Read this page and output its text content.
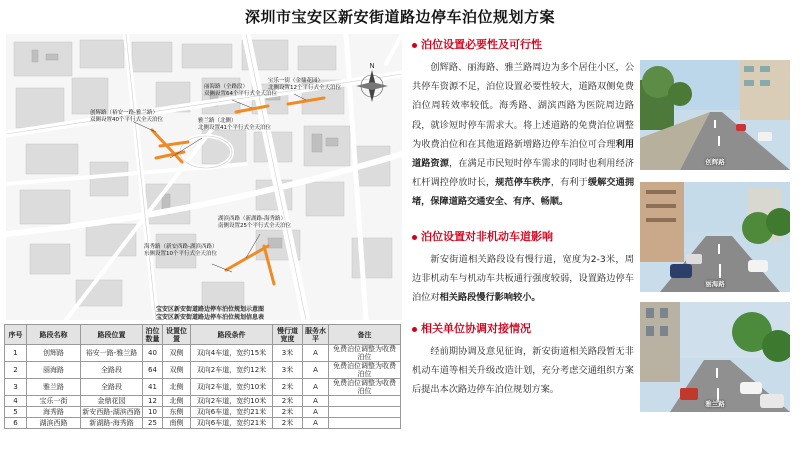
深圳市宝安区新安街道路边停车泊位规划方案
N
丽海路（全路段）
双侧设置64个平行式全天泊位
宝乐一街（金鼎花园）
北侧设置12个平行式全天泊位
创辉路（裕安一路-雅兰路）
双侧设置40个平行式全天泊位	雅兰路（北侧）
北侧设置41个平行式全天泊位
湖滨西路（新湖路-海秀路）
南侧设置25个平行式全天泊位
海秀路（新安西路-湖滨西路）
东侧设置10个平行式全天泊位
宝安区新安街道路边停车泊位规划示意图
宝安区新安街道路边停车泊位规划信息表
序号	路段名称	路段位置	泊位数量	设置位置	路段条件	慢行道宽度	服务水平	备注
1	创辉路	裕安一路-雅兰路	40	双侧	双向4车道，宽约15米	3米	A	免费泊位调整为收费泊位
2	丽海路	全路段	64	双侧	双向2车道，宽约12米	3米	A	免费泊位调整为收费泊位
3	雅兰路	全路段	41	北侧	双向2车道，宽约10米	2米	A	免费泊位调整为收费泊位
4	宝乐一街	金鼎花园	12	北侧	双向2车道，宽约10米	2米	A	
5	海秀路	新安西路-湖滨西路	10	东侧	双向6车道，宽约21米	2米	A	
6	湖滨西路	新湖路-海秀路	25	南侧	双向6车道，宽约21米	2米	A	
泊位设置必要性及可行性

创辉路、丽海路、雅兰路周边为多个居住小区，公共停车资源不足，泊位设置必要性较大，道路双侧免费泊位周转效率较低。海秀路、湖滨西路为医院周边路段，就诊短时停车需求大。将上述道路的免费泊位调整为收费泊位和在其他道路新增路边停车泊位可合理利用道路资源，在满足市民短时停车需求的同时也利用经济杠杆调控停放时长，规范停车秩序，有利于缓解交通拥堵，保障道路交通安全、有序、畅顺。

泊位设置对非机动车道影响

新安街道相关路段设有慢行道，宽度为2-3米，周边非机动车与机动车共板通行强度较弱，设置路边停车泊位对相关路段慢行影响较小。

相关单位协调对接情况

经前期协调及意见征询，新安街道相关路段暂无非机动车道等相关升级改造计划，充分考虑交通组织方案后提出本次路边停车泊位规划方案。

创辉路
丽海路
雅兰路
